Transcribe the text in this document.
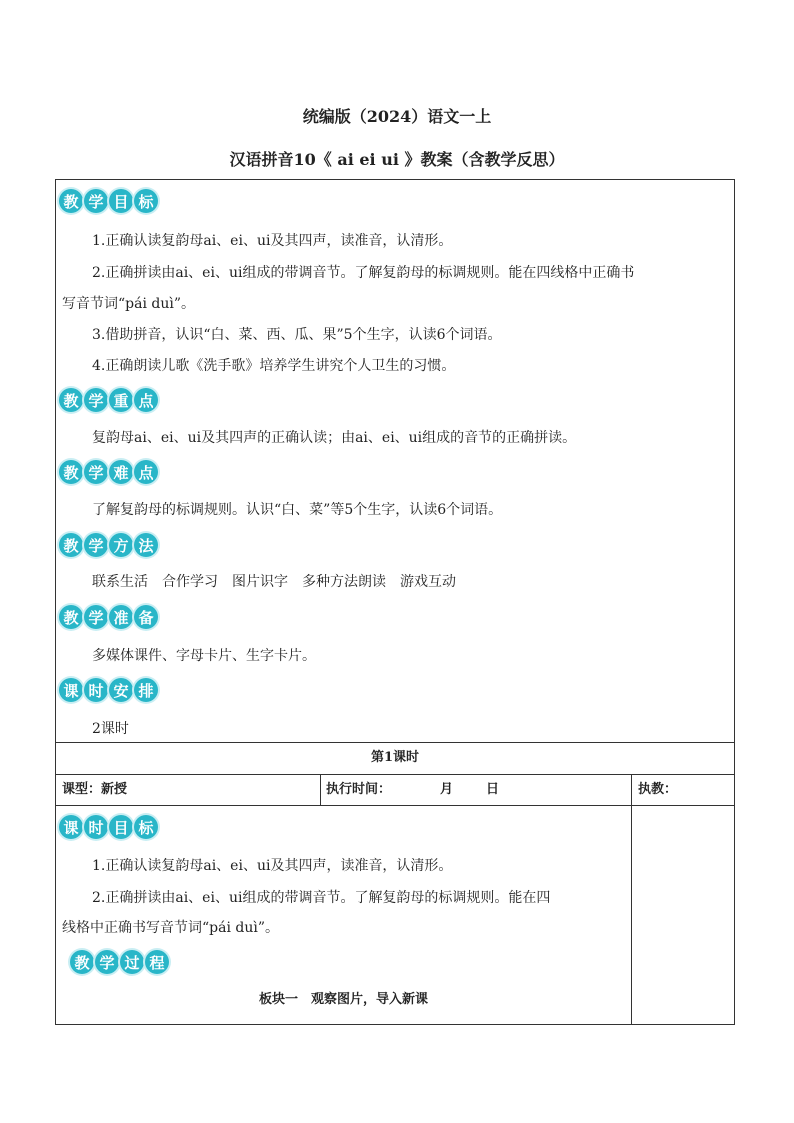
统编版（2024）语文一上
汉语拼音10《 ai ei ui 》教案（含教学反思）
教 学 目 标
1.正确认读复韵母ai、ei、ui及其四声，读准音，认清形。
2.正确拼读由ai、ei、ui组成的带调音节。了解复韵母的标调规则。能在四线格中正确书
写音节词“pái duì”。
3.借助拼音，认识“白、菜、西、瓜、果”5个生字，认读6个词语。
4.正确朗读儿歌《洗手歌》培养学生讲究个人卫生的习惯。
教 学 重 点
复韵母ai、ei、ui及其四声的正确认读；由ai、ei、ui组成的音节的正确拼读。
教 学 难 点
了解复韵母的标调规则。认识“白、菜”等5个生字，认读6个词语。
教 学 方 法
联系生活　合作学习　图片识字　多种方法朗读　游戏互动
教 学 准 备
多媒体课件、字母卡片、生字卡片。
课 时 安 排
2课时
第1课时
课型：新授	执行时间：	月	日	执教：
课 时 目 标
1.正确认读复韵母ai、ei、ui及其四声，读准音，认清形。
2.正确拼读由ai、ei、ui组成的带调音节。了解复韵母的标调规则。能在四
线格中正确书写音节词“pái duì”。
教 学 过 程
板块一　观察图片，导入新课
